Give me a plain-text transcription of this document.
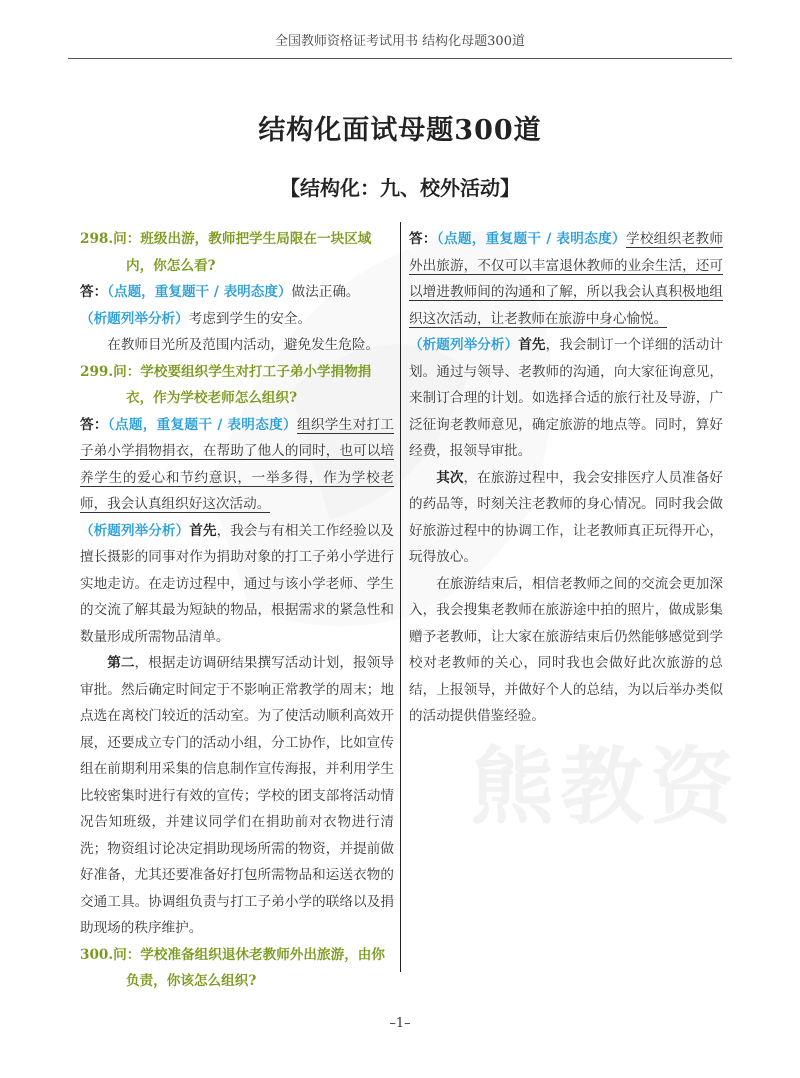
全国教师资格证考试用书 结构化母题300道
熊教资
结构化面试母题300道
【结构化：九、校外活动】

298.问：班级出游，教师把学生局限在一块区域内，你怎么看?

答：（点题，重复题干 / 表明态度）做法正确。

（析题列举分析）考虑到学生的安全。

在教师目光所及范围内活动，避免发生危险。

299.问：学校要组织学生对打工子弟小学捐物捐衣，作为学校老师怎么组织?

答：（点题，重复题干 / 表明态度）组织学生对打工子弟小学捐物捐衣，在帮助了他人的同时，也可以培养学生的爱心和节约意识，一举多得，作为学校老师，我会认真组织好这次活动。

（析题列举分析）首先，我会与有相关工作经验以及擅长摄影的同事对作为捐助对象的打工子弟小学进行实地走访。在走访过程中，通过与该小学老师、学生的交流了解其最为短缺的物品，根据需求的紧急性和数量形成所需物品清单。

第二，根据走访调研结果撰写活动计划，报领导审批。然后确定时间定于不影响正常教学的周末；地点选在离校门较近的活动室。为了使活动顺利高效开展，还要成立专门的活动小组，分工协作，比如宣传组在前期利用采集的信息制作宣传海报，并利用学生比较密集时进行有效的宣传；学校的团支部将活动情况告知班级，并建议同学们在捐助前对衣物进行清洗；物资组讨论决定捐助现场所需的物资，并提前做好准备，尤其还要准备好打包所需物品和运送衣物的交通工具。协调组负责与打工子弟小学的联络以及捐助现场的秩序维护。

300.问：学校准备组织退休老教师外出旅游，由你负责，你该怎么组织?

答：（点题，重复题干 / 表明态度）学校组织老教师外出旅游，不仅可以丰富退休教师的业余生活，还可以增进教师间的沟通和了解，所以我会认真积极地组织这次活动，让老教师在旅游中身心愉悦。

（析题列举分析）首先，我会制订一个详细的活动计划。通过与领导、老教师的沟通，向大家征询意见，来制订合理的计划。如选择合适的旅行社及导游，广泛征询老教师意见，确定旅游的地点等。同时，算好经费，报领导审批。

其次，在旅游过程中，我会安排医疗人员准备好的药品等，时刻关注老教师的身心情况。同时我会做好旅游过程中的协调工作，让老教师真正玩得开心，玩得放心。

在旅游结束后，相信老教师之间的交流会更加深入，我会搜集老教师在旅游途中拍的照片，做成影集赠予老教师，让大家在旅游结束后仍然能够感觉到学校对老教师的关心，同时我也会做好此次旅游的总结，上报领导，并做好个人的总结，为以后举办类似的活动提供借鉴经验。

–1–
